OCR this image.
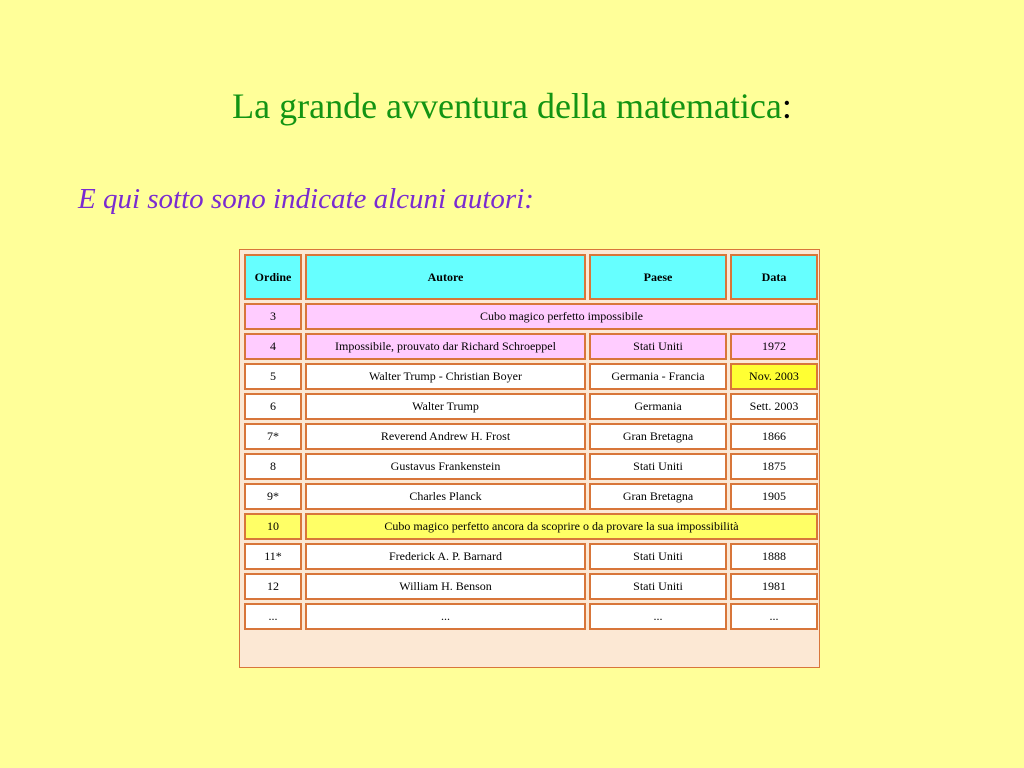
La grande avventura della matematica:
E qui sotto sono indicate alcuni autori:
Ordine	Autore	Paese	Data
3	Cubo magico perfetto impossibile		
4	Impossibile, prouvato dar Richard Schroeppel	Stati Uniti	1972
5	Walter Trump - Christian Boyer	Germania - Francia	Nov. 2003
6	Walter Trump	Germania	Sett. 2003
7*	Reverend Andrew H. Frost	Gran Bretagna	1866
8	Gustavus Frankenstein	Stati Uniti	1875
9*	Charles Planck	Gran Bretagna	1905
10	Cubo magico perfetto ancora da scoprire o da provare la sua impossibilità		
11*	Frederick A. P. Barnard	Stati Uniti	1888
12	William H. Benson	Stati Uniti	1981
...	...	...	...
